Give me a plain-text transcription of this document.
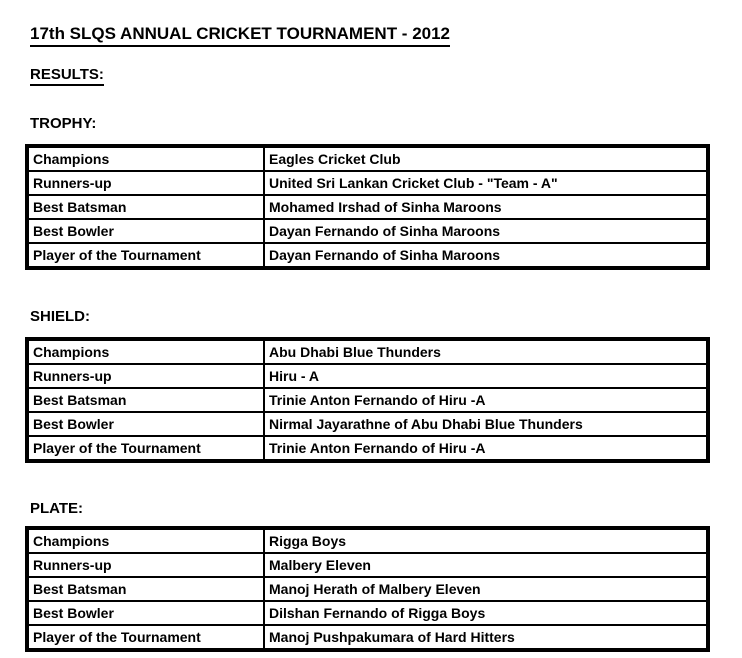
17th SLQS ANNUAL CRICKET TOURNAMENT - 2012
RESULTS:
TROPHY:
Champions	Eagles Cricket Club
Runners-up	United Sri Lankan Cricket Club - "Team - A"
Best Batsman	Mohamed Irshad of Sinha Maroons
Best Bowler	Dayan Fernando of Sinha Maroons
Player of the Tournament	Dayan Fernando of Sinha Maroons
SHIELD:
Champions	Abu Dhabi Blue Thunders
Runners-up	Hiru - A
Best Batsman	Trinie Anton Fernando of Hiru -A
Best Bowler	Nirmal Jayarathne of Abu Dhabi Blue Thunders
Player of the Tournament	Trinie Anton Fernando of Hiru -A
PLATE:
Champions	Rigga Boys
Runners-up	Malbery Eleven
Best Batsman	Manoj Herath of Malbery Eleven
Best Bowler	Dilshan Fernando of Rigga Boys
Player of the Tournament	Manoj Pushpakumara of Hard Hitters
